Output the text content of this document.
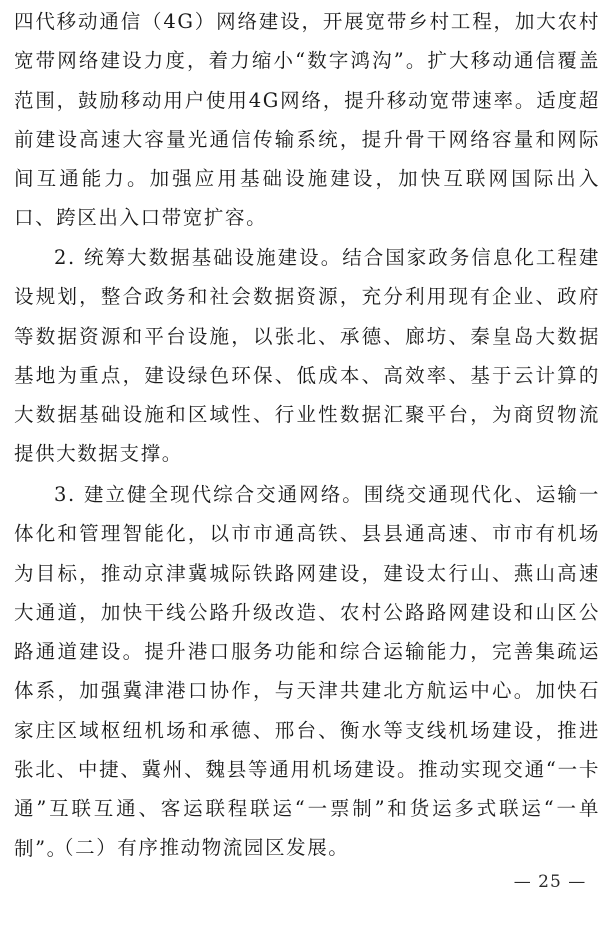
四代移动通信（4G）网络建设，开展宽带乡村工程，加大农村宽带网络建设力度，着力缩小“数字鸿沟”。扩大移动通信覆盖范围，鼓励移动用户使用4G网络，提升移动宽带速率。适度超前建设高速大容量光通信传输系统，提升骨干网络容量和网际间互通能力。加强应用基础设施建设，加快互联网国际出入口、跨区出入口带宽扩容。

2. 统筹大数据基础设施建设。结合国家政务信息化工程建设规划，整合政务和社会数据资源，充分利用现有企业、政府等数据资源和平台设施，以张北、承德、廊坊、秦皇岛大数据基地为重点，建设绿色环保、低成本、高效率、基于云计算的大数据基础设施和区域性、行业性数据汇聚平台，为商贸物流提供大数据支撑。

3. 建立健全现代综合交通网络。围绕交通现代化、运输一体化和管理智能化，以市市通高铁、县县通高速、市市有机场为目标，推动京津冀城际铁路网建设，建设太行山、燕山高速大通道，加快干线公路升级改造、农村公路路网建设和山区公路通道建设。提升港口服务功能和综合运输能力，完善集疏运体系，加强冀津港口协作，与天津共建北方航运中心。加快石家庄区域枢纽机场和承德、邢台、衡水等支线机场建设，推进张北、中捷、冀州、魏县等通用机场建设。推动实现交通“一卡通”互联互通、客运联程联运“一票制”和货运多式联运“一单制”。

（二）有序推动物流园区发展。

— 25 —
